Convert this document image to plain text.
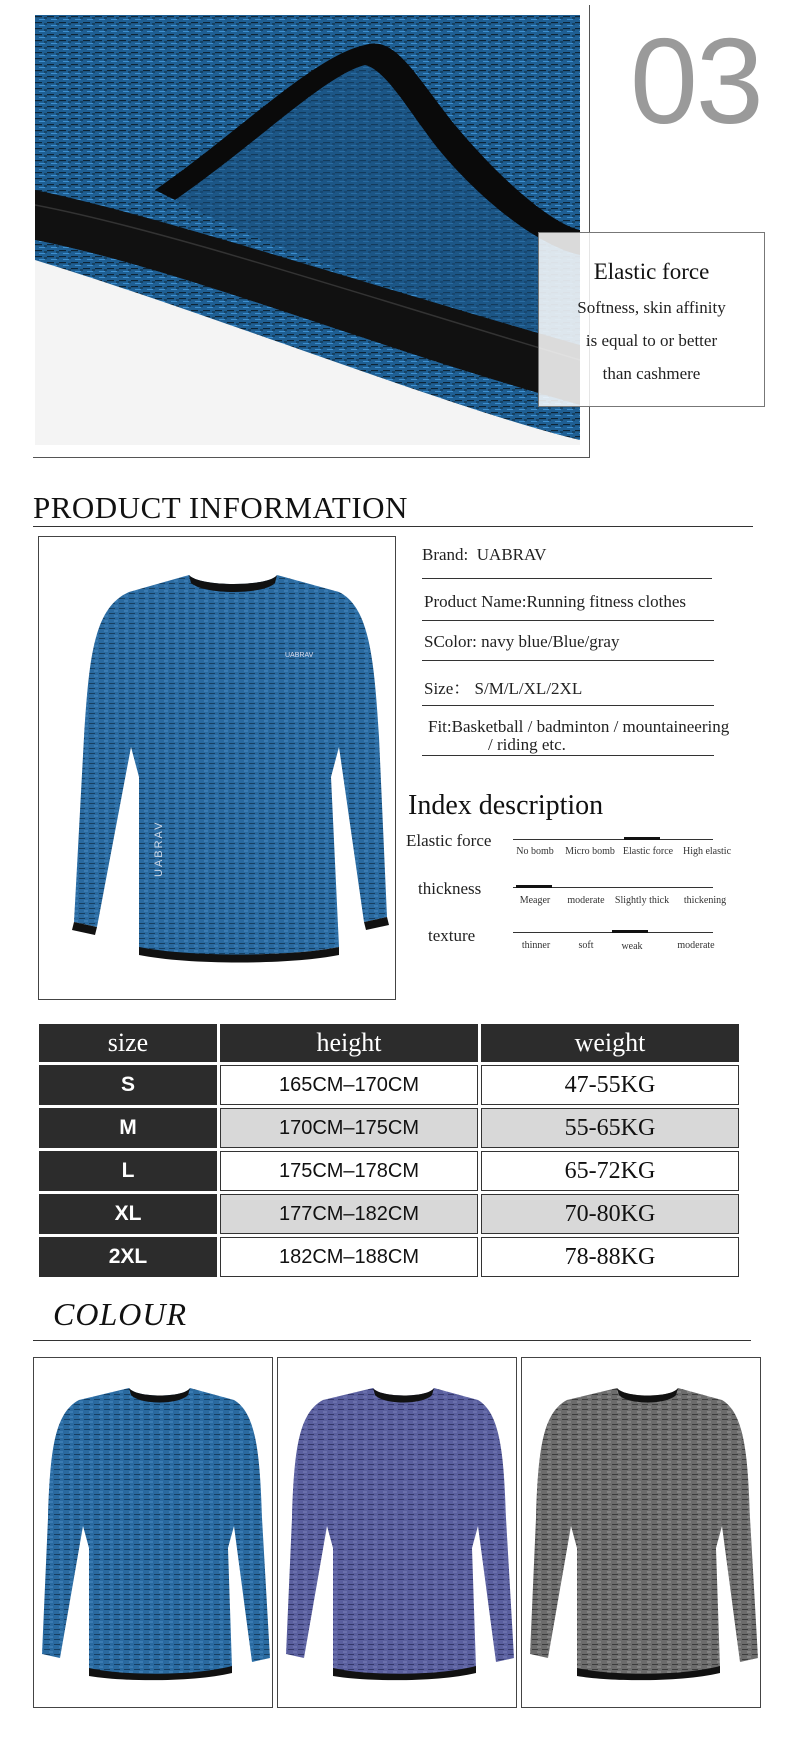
03
Elastic force
Softness, skin affinity
is equal to or better
than cashmere
PRODUCT INFORMATION
UABRAV
UABRAV
Brand: UABRAV
Product Name:Running fitness clothes
SColor: navy blue/Blue/gray
Size： S/M/L/XL/2XL
Fit:Basketball / badminton / mountaineering
/ riding etc.
Index description
Elastic force
No bomb	Micro bomb Elastic force High elastic
thickness
Meager	moderate	Slightly thick	thickening
texture
thinner	soft	weak	moderate
size	height	weight
S	165CM–170CM	47-55KG
M	170CM–175CM	55-65KG
L	175CM–178CM	65-72KG
XL	177CM–182CM	70-80KG
2XL	182CM–188CM	78-88KG
COLOUR
